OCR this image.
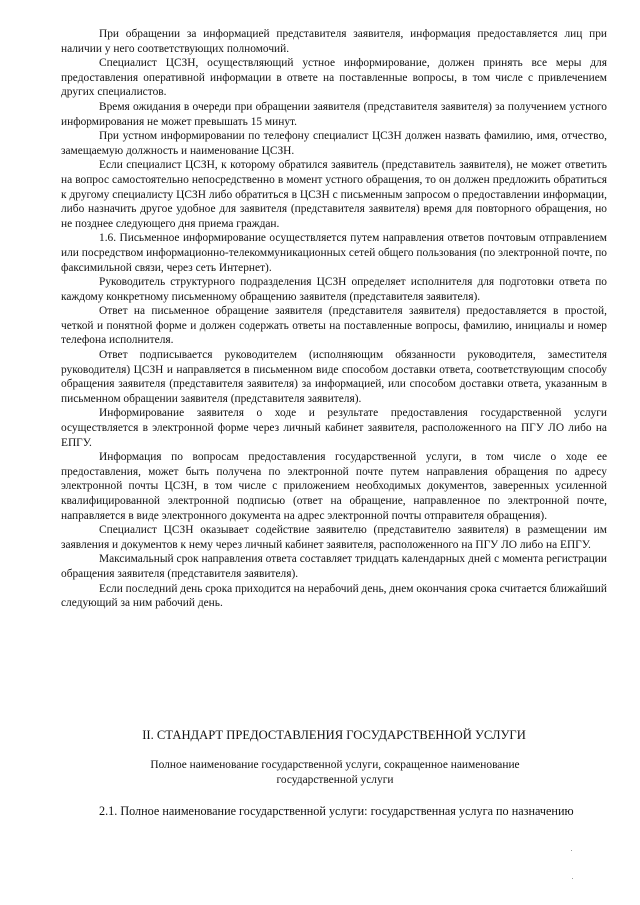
При обращении за информацией представителя заявителя, информация предоставляется лиц при наличии у него соответствующих полномочий.

Специалист ЦСЗН, осуществляющий устное информирование, должен принять все меры для предоставления оперативной информации в ответе на поставленные вопросы, в том числе с привлечением других специалистов.

Время ожидания в очереди при обращении заявителя (представителя заявителя) за получением устного информирования не может превышать 15 минут.

При устном информировании по телефону специалист ЦСЗН должен назвать фамилию, имя, отчество, замещаемую должность и наименование ЦСЗН.

Если специалист ЦСЗН, к которому обратился заявитель (представитель заявителя), не может ответить на вопрос самостоятельно непосредственно в момент устного обращения, то он должен предложить обратиться к другому специалисту ЦСЗН либо обратиться в ЦСЗН с письменным запросом о предоставлении информации, либо назначить другое удобное для заявителя (представителя заявителя) время для повторного обращения, но не позднее следующего дня приема граждан.

1.6. Письменное информирование осуществляется путем направления ответов почтовым отправлением или посредством информационно-телекоммуникационных сетей общего пользования (по электронной почте, по факсимильной связи, через сеть Интернет).

Руководитель структурного подразделения ЦСЗН определяет исполнителя для подготовки ответа по каждому конкретному письменному обращению заявителя (представителя заявителя).

Ответ на письменное обращение заявителя (представителя заявителя) предоставляется в простой, четкой и понятной форме и должен содержать ответы на поставленные вопросы, фамилию, инициалы и номер телефона исполнителя.

Ответ подписывается руководителем (исполняющим обязанности руководителя, заместителя руководителя) ЦСЗН и направляется в письменном виде способом доставки ответа, соответствующим способу обращения заявителя (представителя заявителя) за информацией, или способом доставки ответа, указанным в письменном обращении заявителя (представителя заявителя).

Информирование заявителя о ходе и результате предоставления государственной услуги осуществляется в электронной форме через личный кабинет заявителя, расположенного на ПГУ ЛО либо на ЕПГУ.

Информация по вопросам предоставления государственной услуги, в том числе о ходе ее предоставления, может быть получена по электронной почте путем направления обращения по адресу электронной почты ЦСЗН, в том числе с приложением необходимых документов, заверенных усиленной квалифицированной электронной подписью (ответ на обращение, направленное по электронной почте, направляется в виде электронного документа на адрес электронной почты отправителя обращения).

Специалист ЦСЗН оказывает содействие заявителю (представителю заявителя) в размещении им заявления и документов к нему через личный кабинет заявителя, расположенного на ПГУ ЛО либо на ЕПГУ.

Максимальный срок направления ответа составляет тридцать календарных дней с момента регистрации обращения заявителя (представителя заявителя).

Если последний день срока приходится на нерабочий день, днем окончания срока считается ближайший следующий за ним рабочий день.

II. СТАНДАРТ ПРЕДОСТАВЛЕНИЯ ГОСУДАРСТВЕННОЙ УСЛУГИ
Полное наименование государственной услуги, сокращенное наименование государственной услуги
2.1. Полное наименование государственной услуги: государственная услуга по назначению
